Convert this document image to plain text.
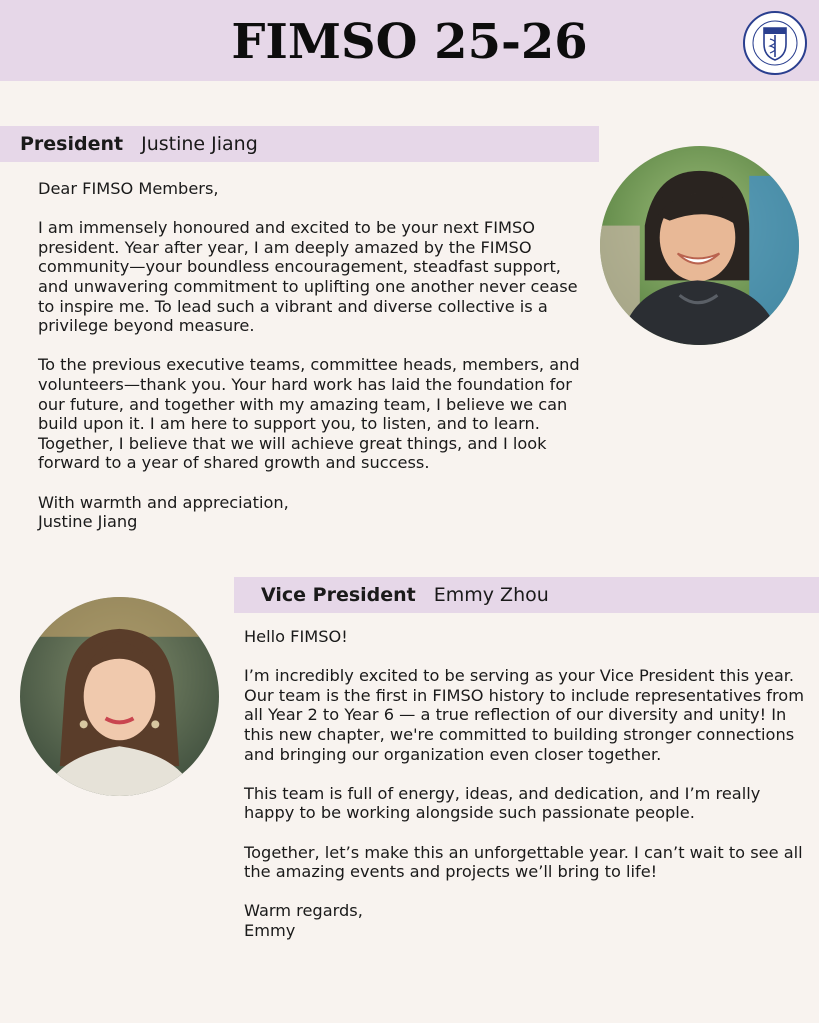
FIMSO 25-26
President Justine Jiang

Dear FIMSO Members,

I am immensely honoured and excited to be your next FIMSO president. Year after year, I am deeply amazed by the FIMSO community—your boundless encouragement, steadfast support, and unwavering commitment to uplifting one another never cease to inspire me. To lead such a vibrant and diverse collective is a privilege beyond measure.

To the previous executive teams, committee heads, members, and volunteers—thank you. Your hard work has laid the foundation for our future, and together with my amazing team, I believe we can build upon it. I am here to support you, to listen, and to learn. Together, I believe that we will achieve great things, and I look forward to a year of shared growth and success.

With warmth and appreciation,
Justine Jiang

Vice President Emmy Zhou

Hello FIMSO!

I’m incredibly excited to be serving as your Vice President this year. Our team is the first in FIMSO history to include representatives from all Year 2 to Year 6 — a true reflection of our diversity and unity! In this new chapter, we're committed to building stronger connections and bringing our organization even closer together.

This team is full of energy, ideas, and dedication, and I’m really happy to be working alongside such passionate people.

Together, let’s make this an unforgettable year. I can’t wait to see all the amazing events and projects we’ll bring to life!

Warm regards,
Emmy
